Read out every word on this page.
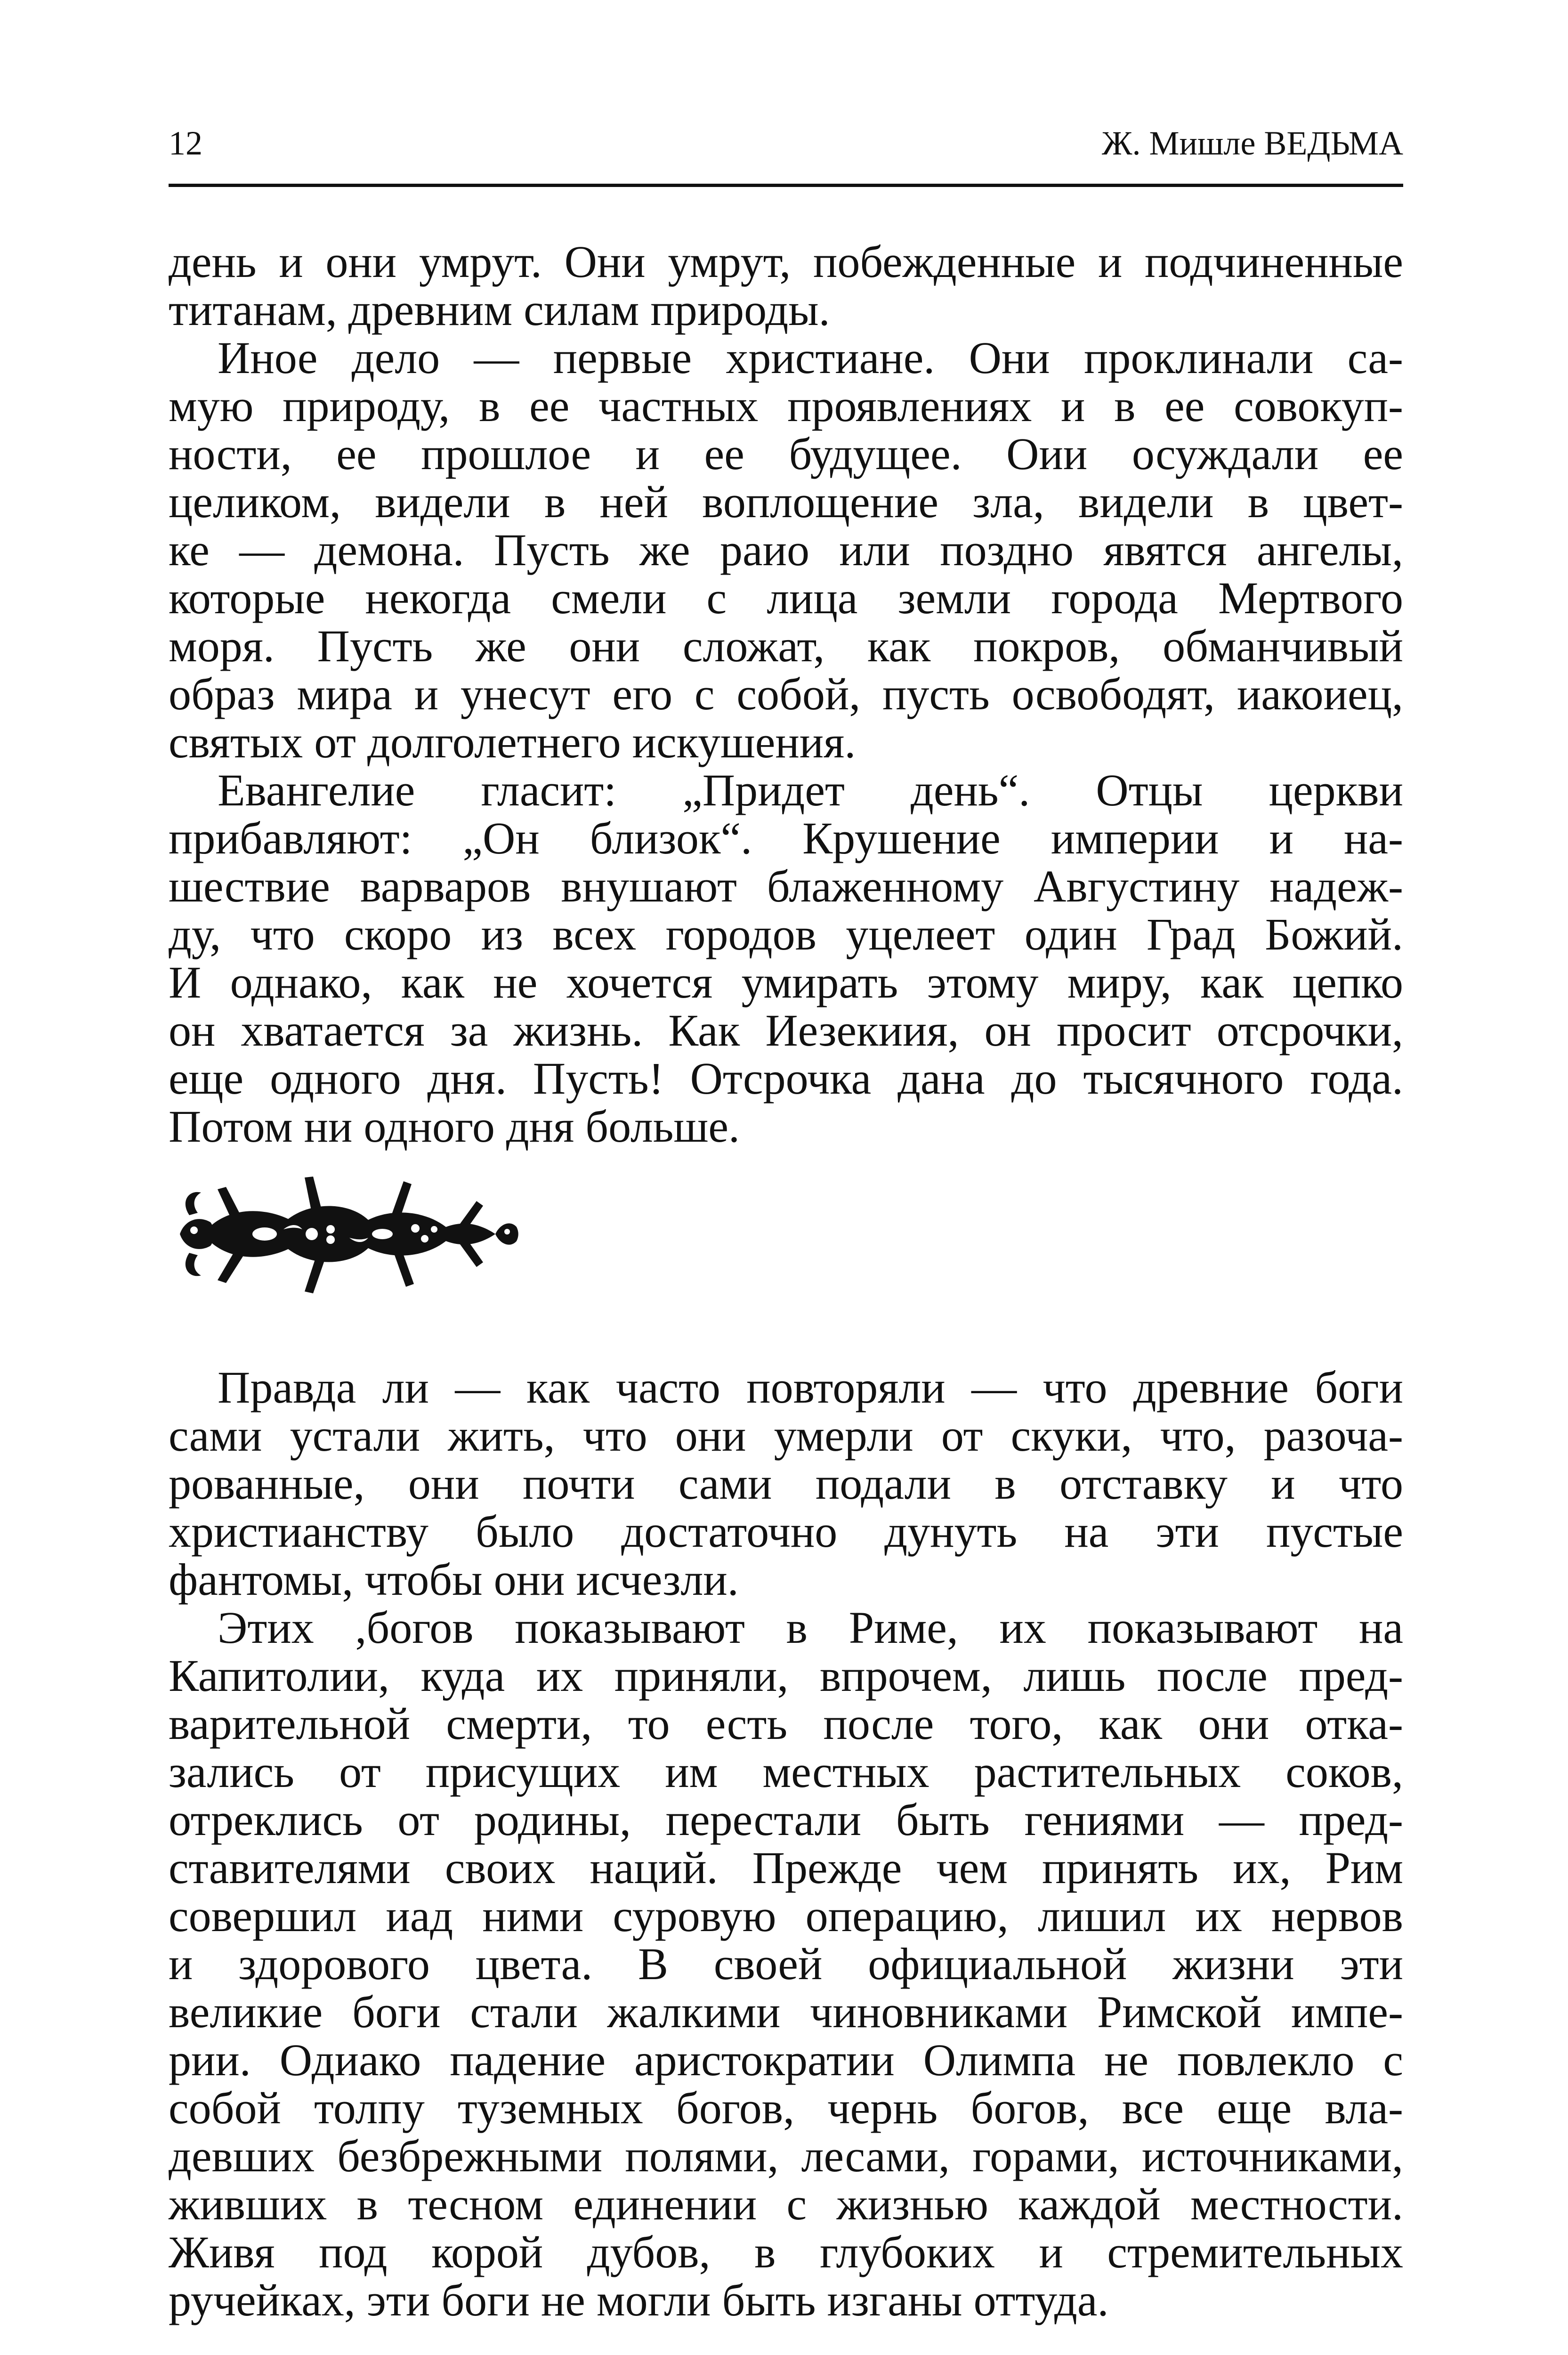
12	Ж. Мишле ВЕДЬМА
день и они умрут. Они умрут, побежденные и подчиненные
титанам, древним силам природы.
Иное дело — первые христиане. Они проклинали са-
мую природу, в ее частных проявлениях и в ее совокуп-
ности, ее прошлое и ее будущее. Оии осуждали ее
целиком, видели в ней воплощение зла, видели в цвет-
ке — демона. Пусть же раио или поздно явятся ангелы,
которые некогда смели с лица земли города Мертвого
моря. Пусть же они сложат, как покров, обманчивый
образ мира и унесут его с собой, пусть освободят, иакоиец,
святых от долголетнего искушения.
Евангелие гласит: „Придет день“. Отцы церкви
прибавляют: „Он близок“. Крушение империи и на-
шествие варваров внушают блаженному Августину надеж-
ду, что скоро из всех городов уцелеет один Град Божий.
И однако, как не хочется умирать этому миру, как цепко
он хватается за жизнь. Как Иезекиия, он просит отсрочки,
еще одного дня. Пусть! Отсрочка дана до тысячного года.
Потом ни одного дня больше.
Правда ли — как часто повторяли — что древние боги
сами устали жить, что они умерли от скуки, что, разоча-
рованные, они почти сами подали в отставку и что
христианству было достаточно дунуть на эти пустые
фантомы, чтобы они исчезли.
Этих ,богов показывают в Риме, их показывают на
Капитолии, куда их приняли, впрочем, лишь после пред-
варительной смерти, то есть после того, как они отка-
зались от присущих им местных растительных соков,
отреклись от родины, перестали быть гениями — пред-
ставителями своих наций. Прежде чем принять их, Рим
совершил иад ними суровую операцию, лишил их нервов
и здорового цвета. В своей официальной жизни эти
великие боги стали жалкими чиновниками Римской импе-
рии. Одиако падение аристократии Олимпа не повлекло с
собой толпу туземных богов, чернь богов, все еще вла-
девших безбрежными полями, лесами, горами, источниками,
живших в тесном единении с жизнью каждой местности.
Живя под корой дубов, в глубоких и стремительных
ручейках, эти боги не могли быть изганы оттуда.
